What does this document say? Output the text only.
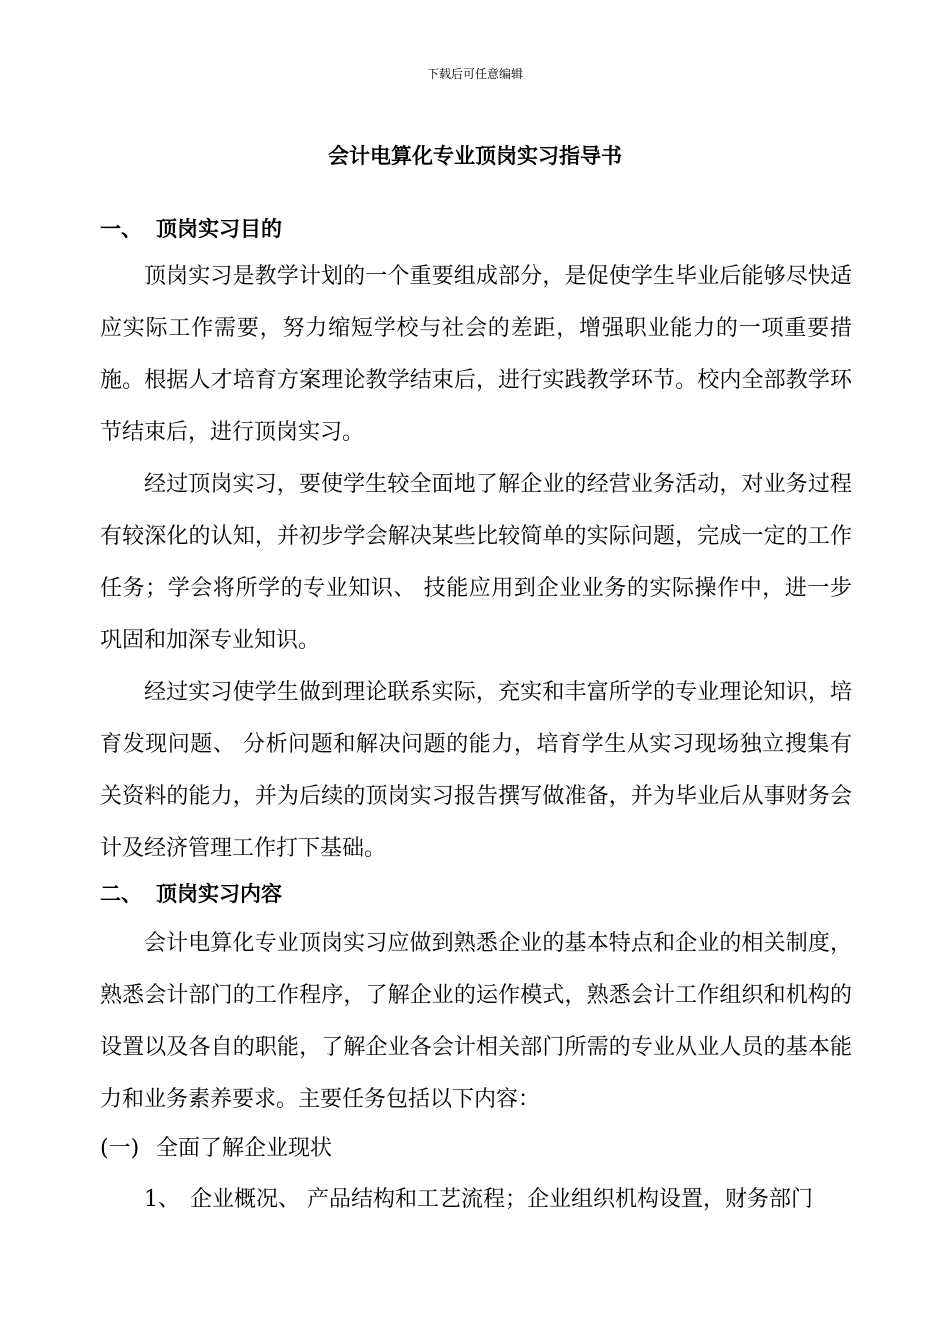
下载后可任意编辑
会计电算化专业顶岗实习指导书
一、 顶岗实习目的

顶岗实习是教学计划的一个重要组成部分，是促使学生毕业后能够尽快适应实际工作需要，努力缩短学校与社会的差距，增强职业能力的一项重要措施。根据人才培育方案理论教学结束后，进行实践教学环节。校内全部教学环节结束后，进行顶岗实习。

经过顶岗实习，要使学生较全面地了解企业的经营业务活动，对业务过程有较深化的认知，并初步学会解决某些比较简单的实际问题，完成一定的工作任务；学会将所学的专业知识、 技能应用到企业业务的实际操作中，进一步巩固和加深专业知识。

经过实习使学生做到理论联系实际，充实和丰富所学的专业理论知识，培育发现问题、 分析问题和解决问题的能力，培育学生从实习现场独立搜集有关资料的能力，并为后续的顶岗实习报告撰写做准备，并为毕业后从事财务会计及经济管理工作打下基础。

二、 顶岗实习内容

会计电算化专业顶岗实习应做到熟悉企业的基本特点和企业的相关制度，熟悉会计部门的工作程序，了解企业的运作模式，熟悉会计工作组织和机构的设置以及各自的职能，了解企业各会计相关部门所需的专业从业人员的基本能力和业务素养要求。主要任务包括以下内容：

(一) 全面了解企业现状
1、 企业概况、 产品结构和工艺流程；企业组织机构设置，财务部门
